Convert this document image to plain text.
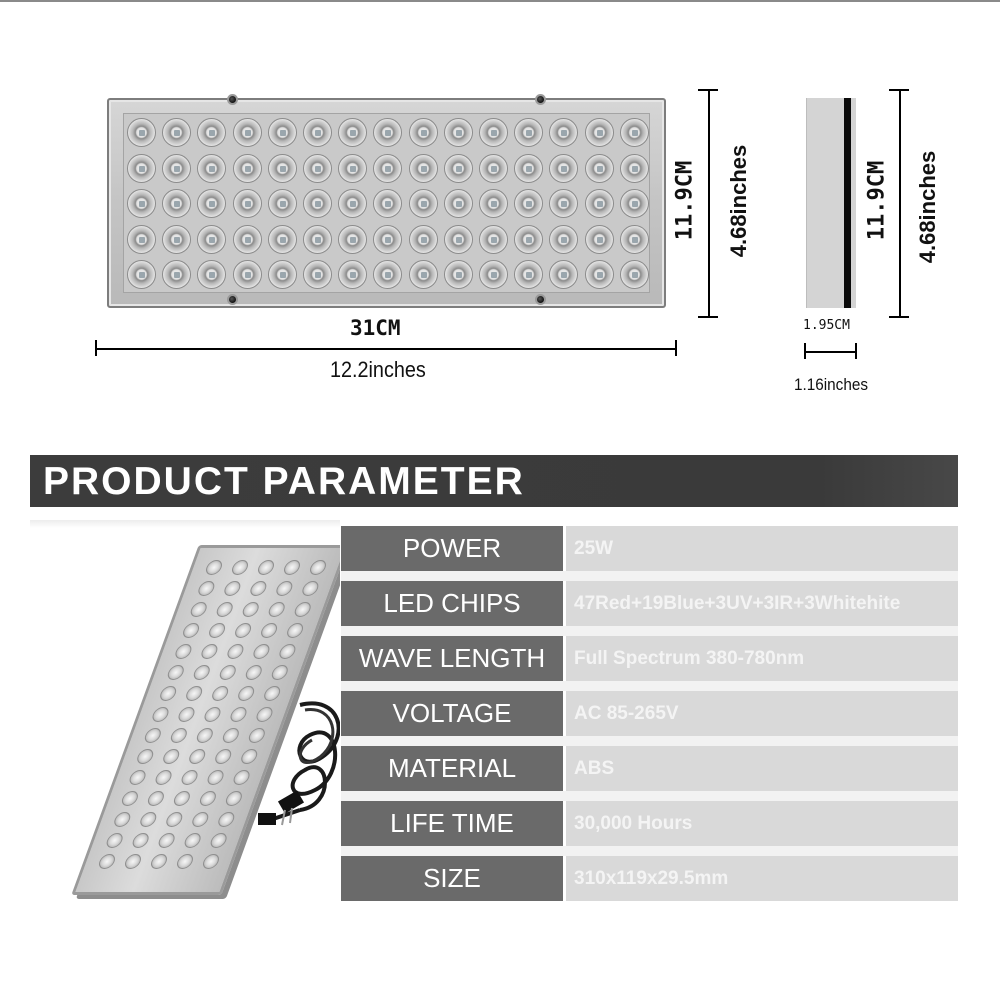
31CM
12.2inches
11.9CM 4.68inches	11.9CM 4.68inches
1.95CM
1.16inches
PRODUCT PARAMETER
POWER	25W
LED CHIPS	47Red+19Blue+3UV+3IR+3Whitehite
WAVE LENGTH	Full Spectrum 380-780nm
VOLTAGE	AC 85-265V
MATERIAL	ABS
LIFE TIME	30,000 Hours
SIZE	310x119x29.5mm
